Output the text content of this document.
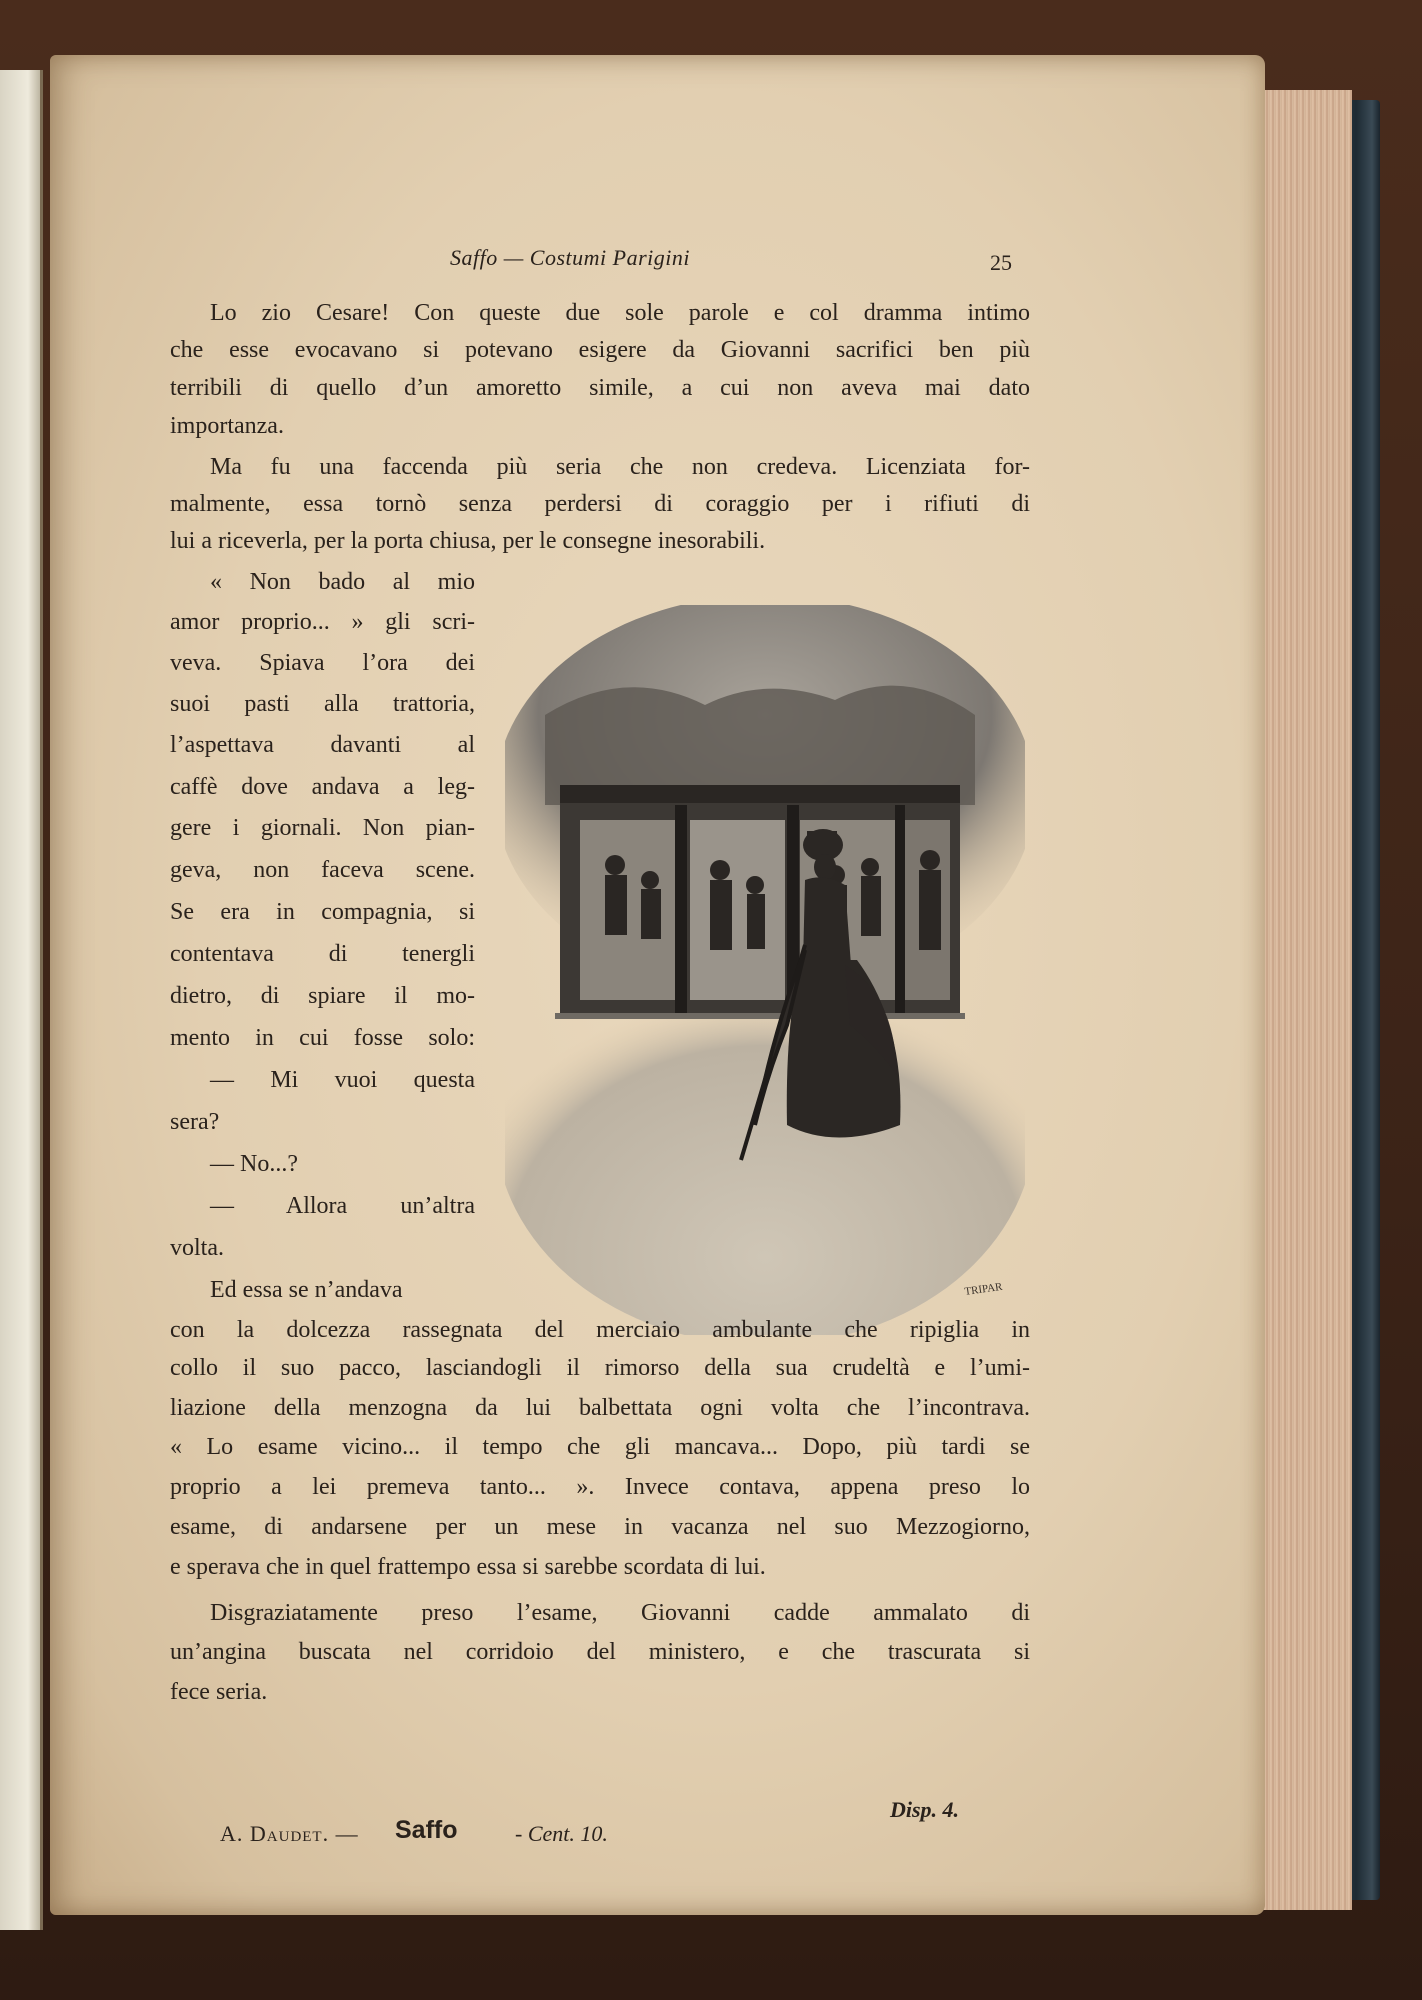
Saffo — Costumi Parigini	25
Lo zio Cesare! Con queste due sole parole e col dramma intimo
che esse evocavano si potevano esigere da Giovanni sacrifici ben più
terribili di quello d’un amoretto simile, a cui non aveva mai dato
importanza.
Ma fu una faccenda più seria che non credeva. Licenziata for-
malmente, essa tornò senza perdersi di coraggio per i rifiuti di
lui a riceverla, per la porta chiusa, per le consegne inesorabili.
« Non bado al mio
amor proprio... » gli scri-
veva. Spiava l’ora dei
suoi pasti alla trattoria,
l’aspettava davanti al
caffè dove andava a leg-
gere i giornali. Non pian-
geva, non faceva scene.
Se era in compagnia, si
contentava di tenergli
dietro, di spiare il mo-
mento in cui fosse solo:
— Mi vuoi questa
sera?
— No...?
— Allora un’altra
volta.
Ed essa se n’andava	TRIPAR
con la dolcezza rassegnata del merciaio ambulante che ripiglia in
collo il suo pacco, lasciandogli il rimorso della sua crudeltà e l’umi-
liazione della menzogna da lui balbettata ogni volta che l’incontrava.
« Lo esame vicino... il tempo che gli mancava... Dopo, più tardi se
proprio a lei premeva tanto... ». Invece contava, appena preso lo
esame, di andarsene per un mese in vacanza nel suo Mezzogiorno,
e sperava che in quel frattempo essa si sarebbe scordata di lui.
Disgraziatamente preso l’esame, Giovanni cadde ammalato di
un’angina buscata nel corridoio del ministero, e che trascurata si
fece seria.
A. Daudet. — Saffo	- Cent. 10.
Disp. 4.
